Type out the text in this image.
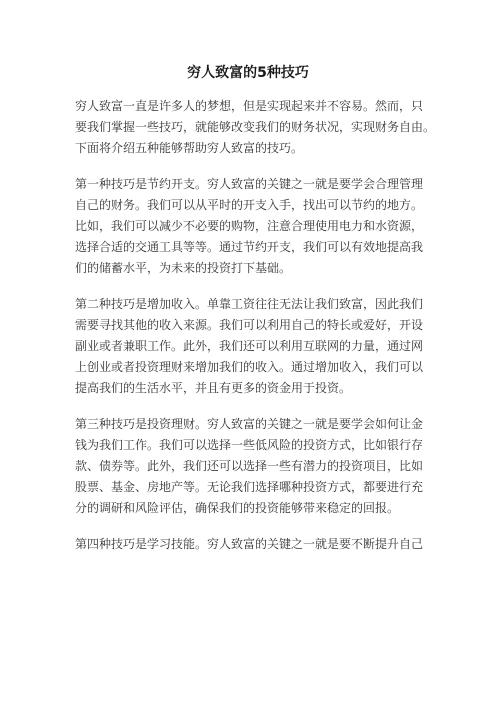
穷人致富的5种技巧

穷人致富一直是许多人的梦想，但是实现起来并不容易。然而，只

要我们掌握一些技巧，就能够改变我们的财务状况，实现财务自由。

下面将介绍五种能够帮助穷人致富的技巧。

第一种技巧是节约开支。穷人致富的关键之一就是要学会合理管理

自己的财务。我们可以从平时的开支入手，找出可以节约的地方。

比如，我们可以减少不必要的购物，注意合理使用电力和水资源，

选择合适的交通工具等等。通过节约开支，我们可以有效地提高我

们的储蓄水平，为未来的投资打下基础。

第二种技巧是增加收入。单靠工资往往无法让我们致富，因此我们

需要寻找其他的收入来源。我们可以利用自己的特长或爱好，开设

副业或者兼职工作。此外，我们还可以利用互联网的力量，通过网

上创业或者投资理财来增加我们的收入。通过增加收入，我们可以

提高我们的生活水平，并且有更多的资金用于投资。

第三种技巧是投资理财。穷人致富的关键之一就是要学会如何让金

钱为我们工作。我们可以选择一些低风险的投资方式，比如银行存

款、债券等。此外，我们还可以选择一些有潜力的投资项目，比如

股票、基金、房地产等。无论我们选择哪种投资方式，都要进行充

分的调研和风险评估，确保我们的投资能够带来稳定的回报。

第四种技巧是学习技能。穷人致富的关键之一就是要不断提升自己
